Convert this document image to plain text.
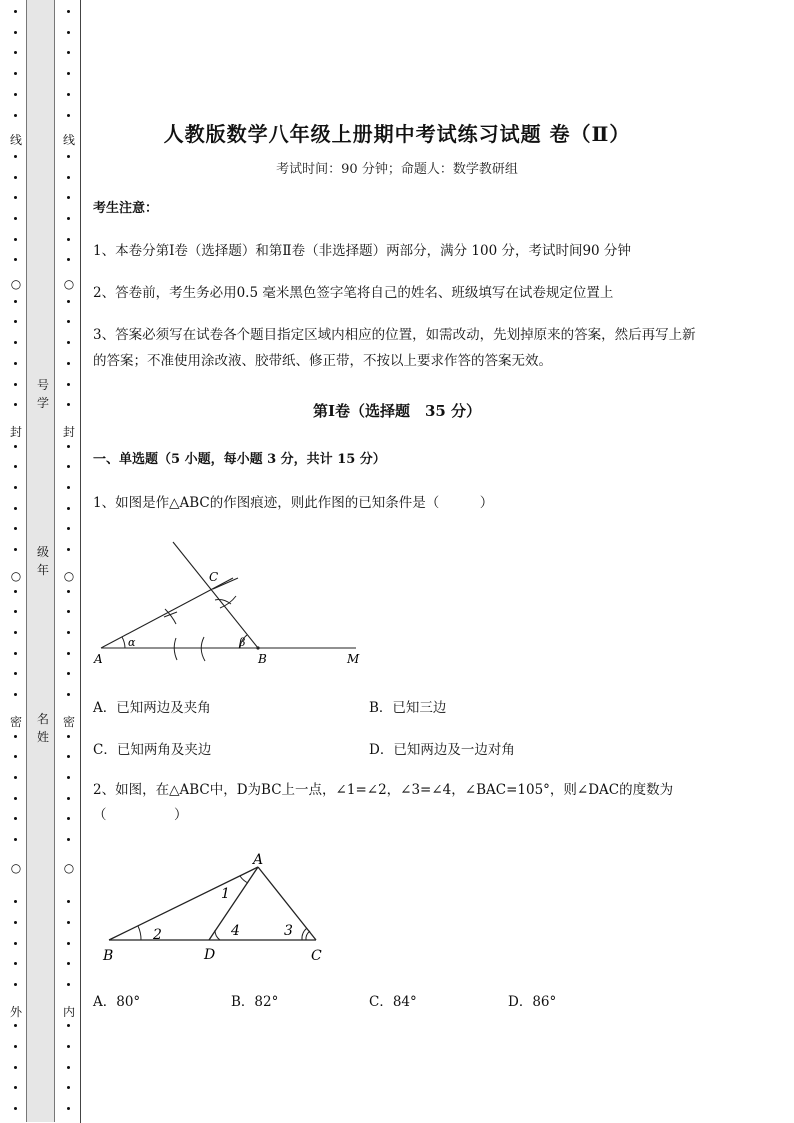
线
○
封
○
密
○
外
线
○
封
○
密
○
内
号学
级年
名姓
人教版数学八年级上册期中考试练习试题 卷（Ⅱ）
考试时间：90 分钟；命题人：数学教研组
考生注意：
1、本卷分第Ⅰ卷（选择题）和第Ⅱ卷（非选择题）两部分，满分 100 分，考试时间90 分钟
2、答卷前，考生务必用0.5 毫米黑色签字笔将自己的姓名、班级填写在试卷规定位置上
3、答案必须写在试卷各个题目指定区域内相应的位置，如需改动，先划掉原来的答案，然后再写上新
的答案；不准使用涂改液、胶带纸、修正带，不按以上要求作答的答案无效。
第Ⅰ卷（选择题　35 分）
一、单选题（5 小题，每小题 3 分，共计 15 分）
1、如图是作△ABC的作图痕迹，则此作图的已知条件是（　　　）
A	B
C
M
α	β
A．已知两边及夹角	B．已知三边
C．已知两角及夹边	D．已知两边及一边对角
2、如图，在△ABC中，D为BC上一点，∠1=∠2，∠3=∠4，∠BAC=105°，则∠DAC的度数为
（　　　　　）
A
B	D	C
1
2	3
4
A．80°	B．82°	C．84°	D．86°
